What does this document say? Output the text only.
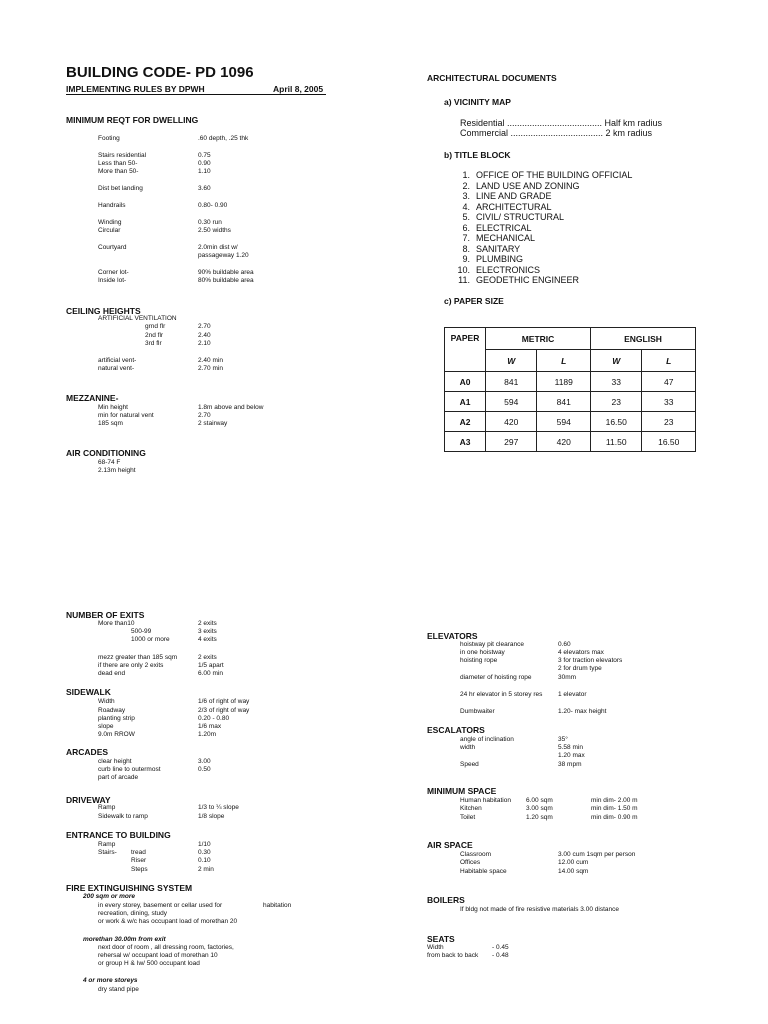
BUILDING CODE- PD 1096
IMPLEMENTING RULES BY DPWH	April 8, 2005
MINIMUM REQT FOR DWELLING
Footing	.60 depth, .25 thk
Stairs residential	0.75
Less than 50-	0.90
More than 50-	1.10
Dist bet landing	3.60
Handrails	0.80- 0.90
Winding	0.30 run
Circular	2.50 widths
Courtyard	2.0min dist w/
passageway 1.20
Corner lot-	90% buildable area
Inside lot-	80% buildable area
CEILING HEIGHTS
ARTIFICIAL VENTILATION
grnd flr	2.70
2nd flr	2.40
3rd flr	2.10
artificial vent-	2.40 min
natural vent-	2.70 min
MEZZANINE-
Min height	1.8m above and below
min for natural vent	2.70
185 sqm	2 stairway
AIR CONDITIONING
68-74 F
2.13m height
NUMBER OF EXITS
More than10	2 exits
500-99	3 exits
1000 or more	4 exits
mezz greater than 185 sqm	2 exits
if there are only 2 exits	1/5 apart
dead end	6.00 min
SIDEWALK
Width	1/6 of right of way
Roadway	2/3 of right of way
planting strip	0.20 - 0.80
slope	1/6 max
9.0m RROW	1.20m
ARCADES
clear height	3.00
curb line to outermost	0.50
part of arcade
DRIVEWAY
Ramp	1/3 to ¼ slope
Sidewalk to ramp	1/8 slope
ENTRANCE TO BUILDING
Ramp	1/10
Stairs- tread	0.30
Riser	0.10
Steps	2 min
FIRE EXTINGUISHING SYSTEM
200 sqm or more
in every storey, basement or cellar used for	habitation
recreation, dining, study
or work & w/c has occupant load of morethan 20
morethan 30.00m from exit
next door of room , all dressing room, factories,
rehersal w/ occupant load of morethan 10
or group H & Iw/ 500 occupant load
4 or more storeys
dry stand pipe
ARCHITECTURAL DOCUMENTS
a) VICINITY MAP
Residential ...................................... Half km radius
Commercial ..................................... 2 km radius
b) TITLE BLOCK
1. OFFICE OF THE BUILDING OFFICIAL
2. LAND USE AND ZONING
3. LINE AND GRADE
4. ARCHITECTURAL
5. CIVIL/ STRUCTURAL
6. ELECTRICAL
7. MECHANICAL
8. SANITARY
9. PLUMBING
10. ELECTRONICS
11. GEODETHIC ENGINEER
c) PAPER SIZE
PAPER	METRIC		ENGLISH	
	W	L	W	L
A0	841	1189	33	47
A1	594	841	23	33
A2	420	594	16.50	23
A3	297	420	11.50	16.50
ELEVATORS
hoistway pit clearance	0.60
in one hoistway	4 elevators max
hoisting rope	3 for traction elevators
2 for drum type
diameter of hoisting rope	30mm
24 hr elevator in 5 storey res 1 elevator
Dumbwaiter	1.20- max height
ESCALATORS
angle of inclination	35°
width	5.58 min
1.20 max
Speed	38 mpm
MINIMUM SPACE
Human habitation 6.00 sqm	min dim- 2.00 m
Kitchen	3.00 sqm	min dim- 1.50 m
Toilet	1.20 sqm	min dim- 0.90 m
AIR SPACE
Classroom	3.00 cum 1sqm per person
Offices	12.00 cum
Habitable space	14.00 sqm
BOILERS
If bldg not made of fire resistive materials 3.00 distance
SEATS
Width	- 0.45
from back to back - 0.48
